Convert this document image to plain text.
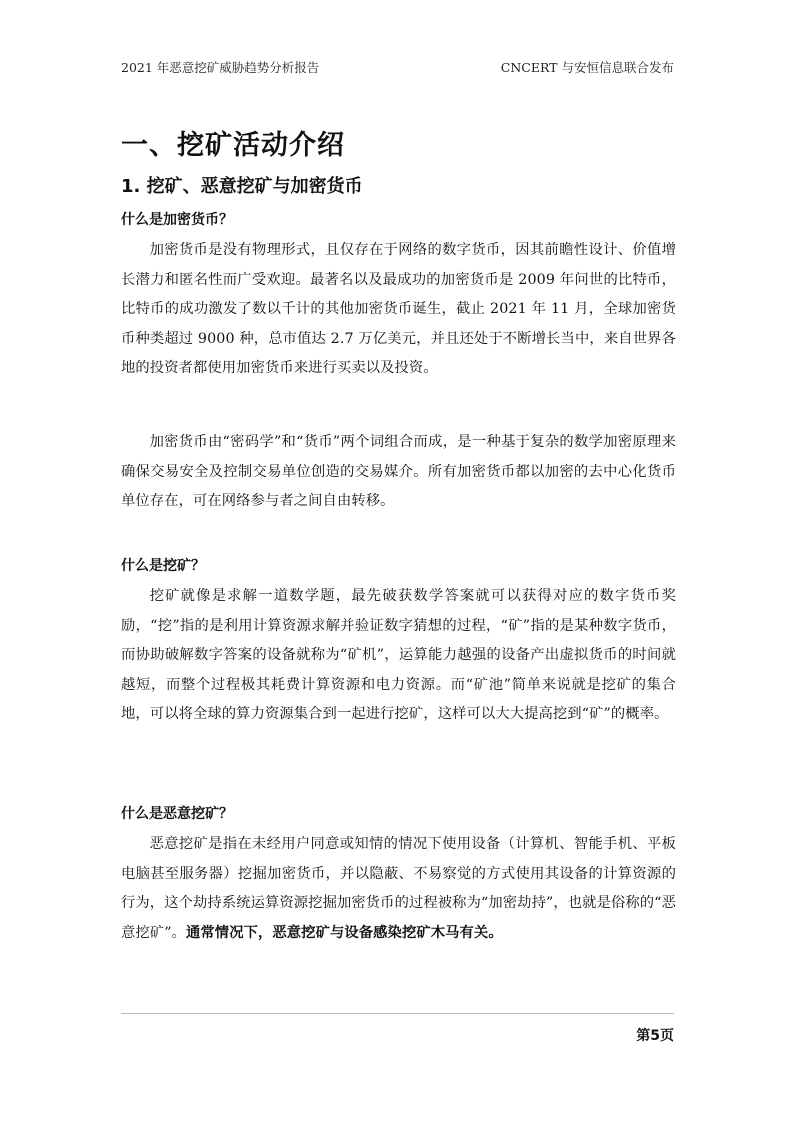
2021 年恶意挖矿威胁趋势分析报告	CNCERT 与安恒信息联合发布
一、挖矿活动介绍
1. 挖矿、恶意挖矿与加密货币
什么是加密货币？

加密货币是没有物理形式，且仅存在于网络的数字货币，因其前瞻性设计、价值增长潜力和匿名性而广受欢迎。最著名以及最成功的加密货币是 2009 年问世的比特币，比特币的成功激发了数以千计的其他加密货币诞生，截止 2021 年 11 月，全球加密货币种类超过 9000 种，总市值达 2.7 万亿美元，并且还处于不断增长当中，来自世界各地的投资者都使用加密货币来进行买卖以及投资。

加密货币由“密码学”和“货币”两个词组合而成，是一种基于复杂的数学加密原理来确保交易安全及控制交易单位创造的交易媒介。所有加密货币都以加密的去中心化货币单位存在，可在网络参与者之间自由转移。

什么是挖矿？

挖矿就像是求解一道数学题，最先破获数学答案就可以获得对应的数字货币奖励，“挖”指的是利用计算资源求解并验证数字猜想的过程，“矿”指的是某种数字货币，而协助破解数字答案的设备就称为“矿机”，运算能力越强的设备产出虚拟货币的时间就越短，而整个过程极其耗费计算资源和电力资源。而“矿池”简单来说就是挖矿的集合地，可以将全球的算力资源集合到一起进行挖矿，这样可以大大提高挖到“矿”的概率。

什么是恶意挖矿？

恶意挖矿是指在未经用户同意或知情的情况下使用设备（计算机、智能手机、平板电脑甚至服务器）挖掘加密货币，并以隐蔽、不易察觉的方式使用其设备的计算资源的行为，这个劫持系统运算资源挖掘加密货币的过程被称为“加密劫持”，也就是俗称的“恶意挖矿”。通常情况下，恶意挖矿与设备感染挖矿木马有关。

第5页
